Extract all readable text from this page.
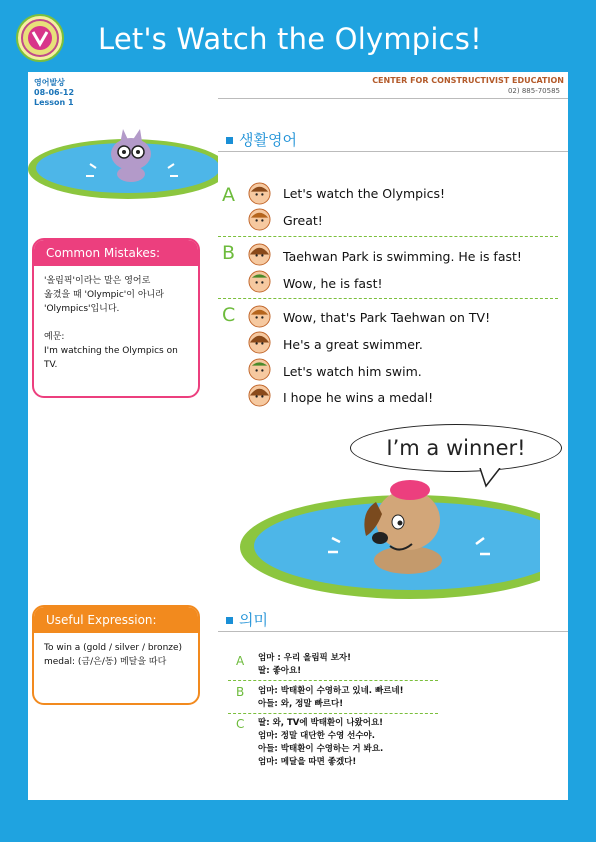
Let's Watch the Olympics!
영어발상
08-06-12
Lesson 1
CENTER FOR CONSTRUCTIVIST EDUCATION
02) 885-70585
생활영어
A	Let's watch the Olympics!
Great!
B	Taehwan Park is swimming. He is fast!
Wow, he is fast!
C	Wow, that's Park Taehwan on TV!
He's a great swimmer.
Let's watch him swim.
I hope he wins a medal!
Common Mistakes:
'올림픽'이라는 말은 영어로
옮겼을 때 'Olympic'이 아니라
'Olympics'입니다.

예문:
I'm watching the Olympics on TV.
I’m a winner!
Useful Expression:
To win a (gold / silver / bronze)
medal: (금/은/동) 메달을 따다
의미
A 엄마 : 우리 올림픽 보자!
딸: 좋아요!
B 엄마: 박태환이 수영하고 있네. 빠르네!
아들: 와, 정말 빠르다!
C 딸: 와, TV에 박태환이 나왔어요!
엄마: 정말 대단한 수영 선수야.
아들: 박태환이 수영하는 거 봐요.
엄마: 메달을 따면 좋겠다!
